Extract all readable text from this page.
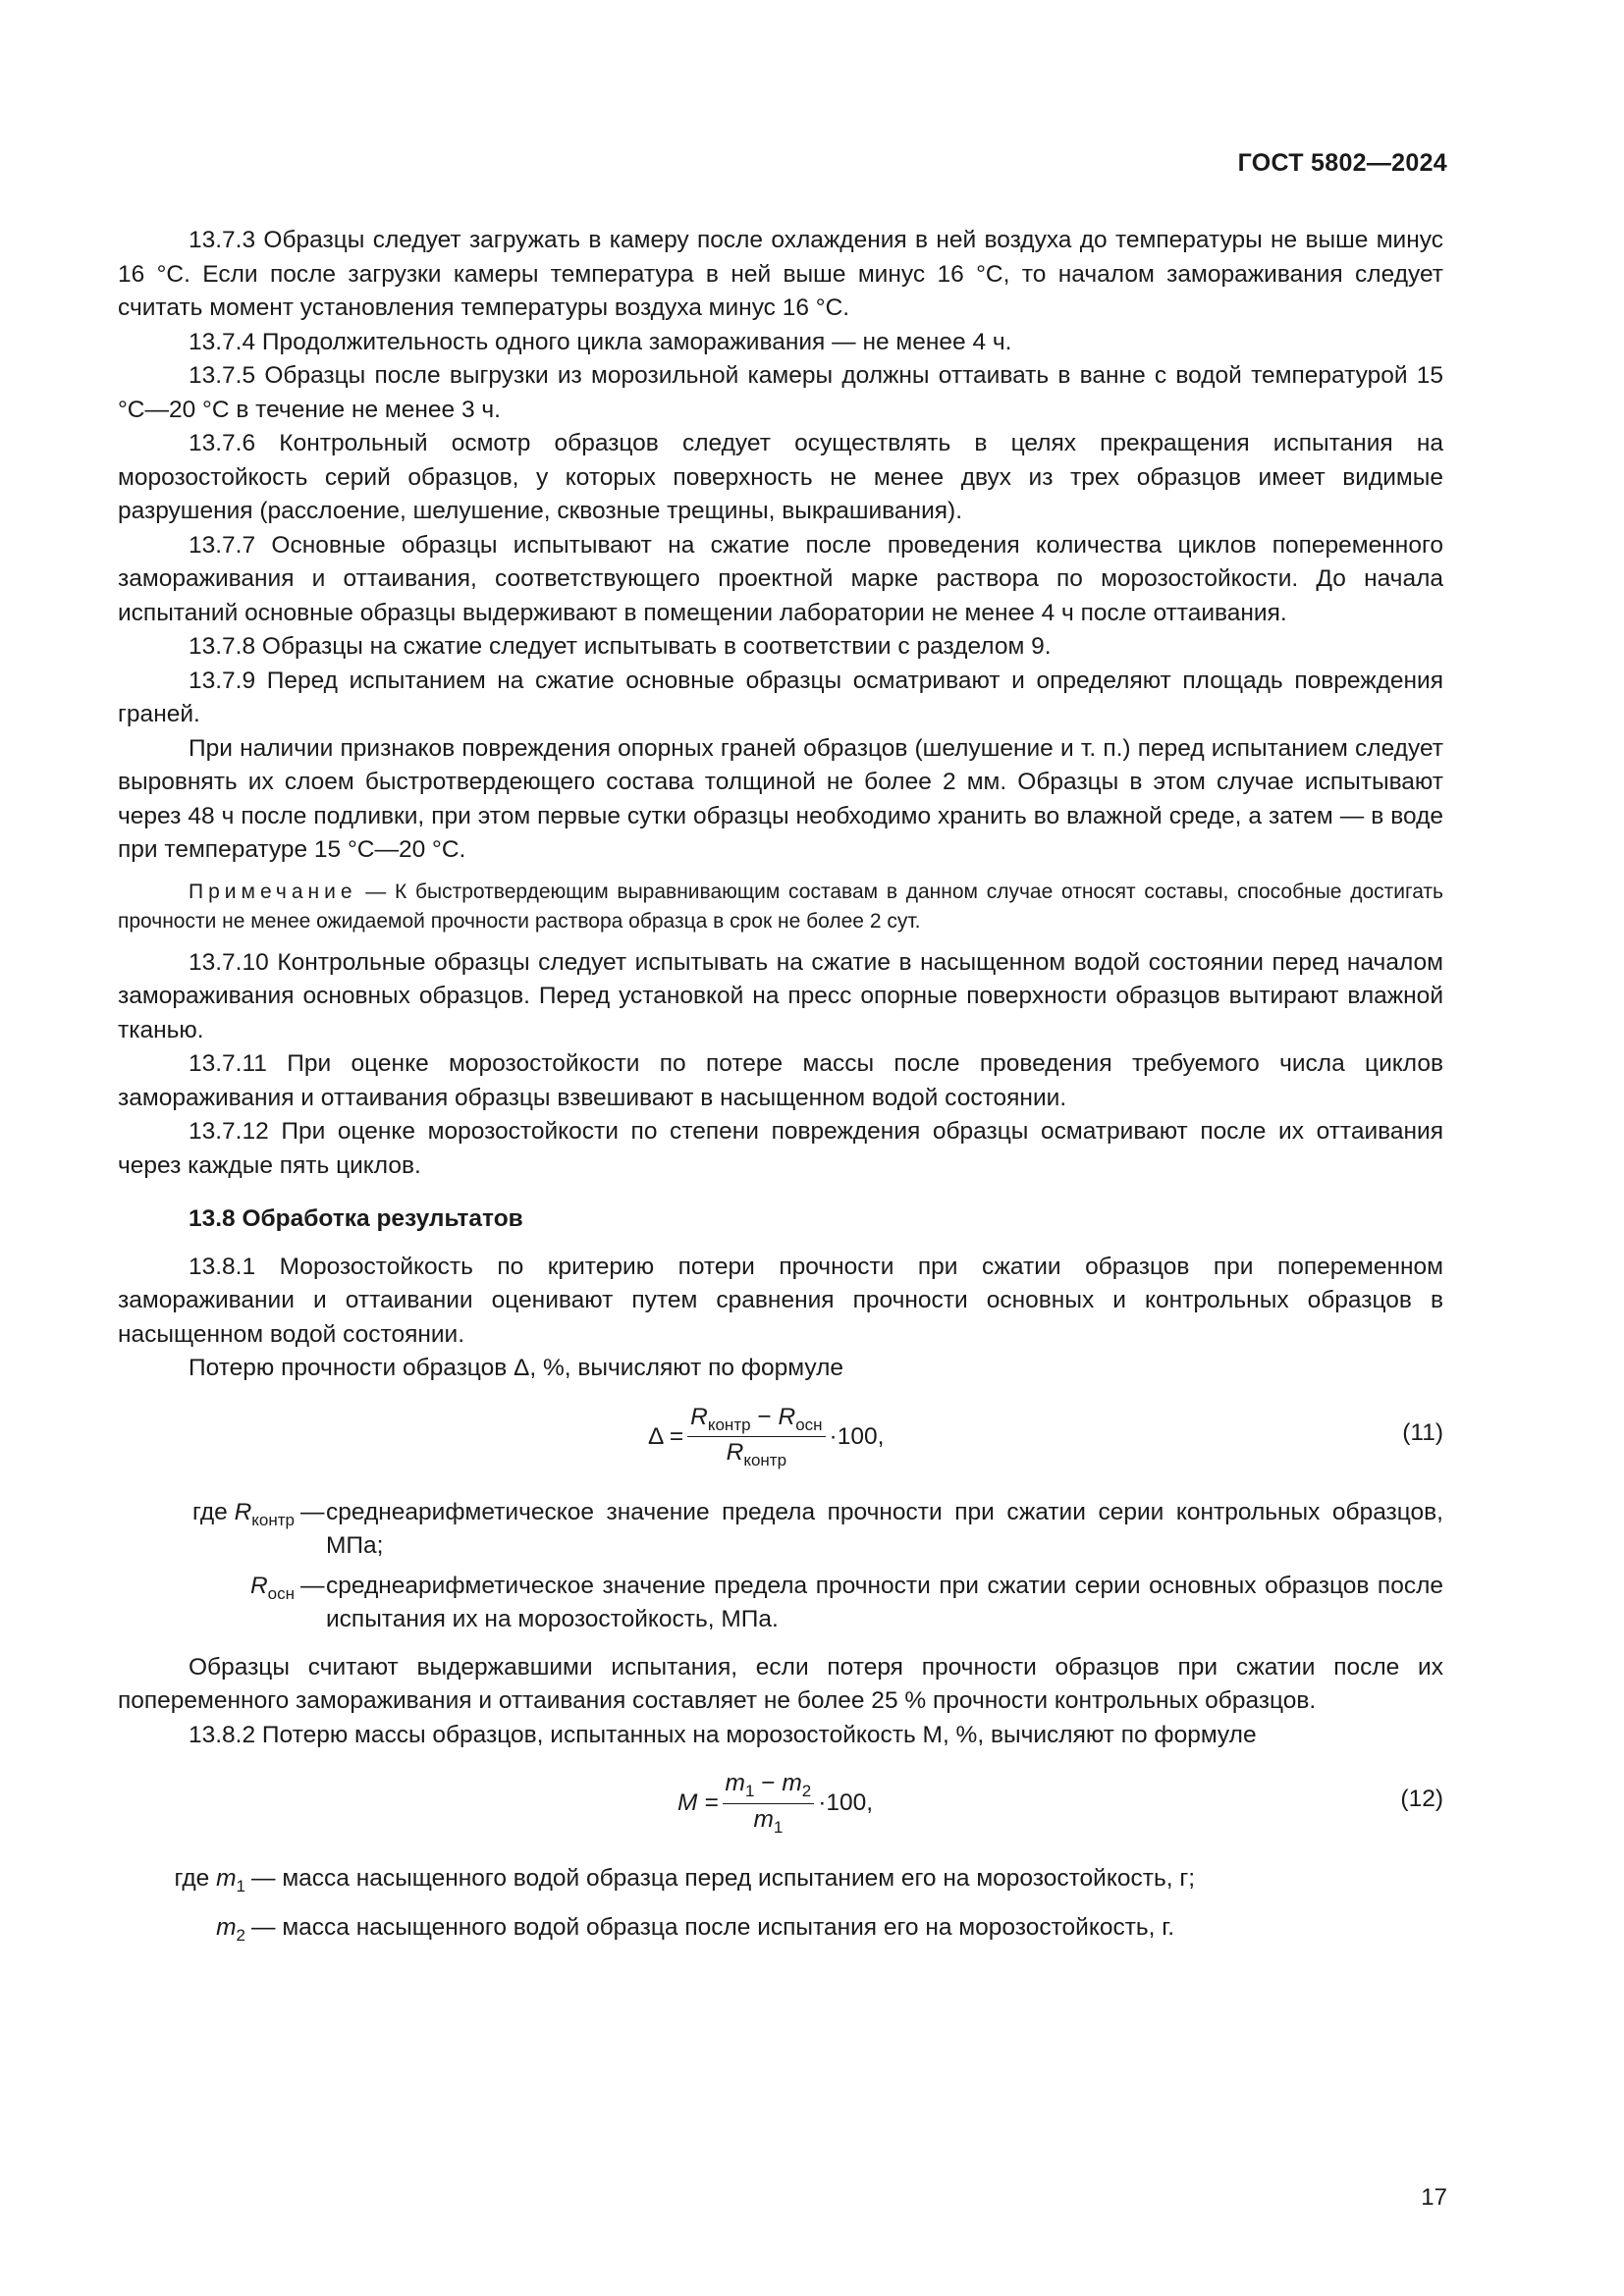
ГОСТ 5802—2024

13.7.3 Образцы следует загружать в камеру после охлаждения в ней воздуха до температуры не выше минус 16 °С. Если после загрузки камеры температура в ней выше минус 16 °С, то началом замораживания следует считать момент установления температуры воздуха минус 16 °С.

13.7.4 Продолжительность одного цикла замораживания — не менее 4 ч.

13.7.5 Образцы после выгрузки из морозильной камеры должны оттаивать в ванне с водой температурой 15 °С—20 °С в течение не менее 3 ч.

13.7.6 Контрольный осмотр образцов следует осуществлять в целях прекращения испытания на морозостойкость серий образцов, у которых поверхность не менее двух из трех образцов имеет видимые разрушения (расслоение, шелушение, сквозные трещины, выкрашивания).

13.7.7 Основные образцы испытывают на сжатие после проведения количества циклов попеременного замораживания и оттаивания, соответствующего проектной марке раствора по морозостойкости. До начала испытаний основные образцы выдерживают в помещении лаборатории не менее 4 ч после оттаивания.

13.7.8 Образцы на сжатие следует испытывать в соответствии с разделом 9.

13.7.9 Перед испытанием на сжатие основные образцы осматривают и определяют площадь повреждения граней.

При наличии признаков повреждения опорных граней образцов (шелушение и т. п.) перед испытанием следует выровнять их слоем быстротвердеющего состава толщиной не более 2 мм. Образцы в этом случае испытывают через 48 ч после подливки, при этом первые сутки образцы необходимо хранить во влажной среде, а затем — в воде при температуре 15 °С—20 °С.

Примечание — К быстротвердеющим выравнивающим составам в данном случае относят составы, способные достигать прочности не менее ожидаемой прочности раствора образца в срок не более 2 сут.

13.7.10 Контрольные образцы следует испытывать на сжатие в насыщенном водой состоянии перед началом замораживания основных образцов. Перед установкой на пресс опорные поверхности образцов вытирают влажной тканью.

13.7.11 При оценке морозостойкости по потере массы после проведения требуемого числа циклов замораживания и оттаивания образцы взвешивают в насыщенном водой состоянии.

13.7.12 При оценке морозостойкости по степени повреждения образцы осматривают после их оттаивания через каждые пять циклов.

13.8 Обработка результатов

13.8.1 Морозостойкость по критерию потери прочности при сжатии образцов при попеременном замораживании и оттаивании оценивают путем сравнения прочности основных и контрольных образцов в насыщенном водой состоянии.

Потерю прочности образцов Δ, %, вычисляют по формуле

$\Delta = \frac{R_{контр} - R_{осн}}{R_{контр}} \cdot 100$,	(11)
где $R_{контр}$ — среднеарифметическое значение предела прочности при сжатии серии контрольных образцов, МПа;
$R_{осн}$ — среднеарифметическое значение предела прочности при сжатии серии основных образцов после испытания их на морозостойкость, МПа.

Образцы считают выдержавшими испытания, если потеря прочности образцов при сжатии после их попеременного замораживания и оттаивания составляет не более 25 % прочности контрольных образцов.

13.8.2 Потерю массы образцов, испытанных на морозостойкость M, %, вычисляют по формуле

$M = \frac{m_1 - m_2}{m_1} \cdot 100$,	(12)
где $m_1$ — масса насыщенного водой образца перед испытанием его на морозостойкость, г;
$m_2$ — масса насыщенного водой образца после испытания его на морозостойкость, г.
17
